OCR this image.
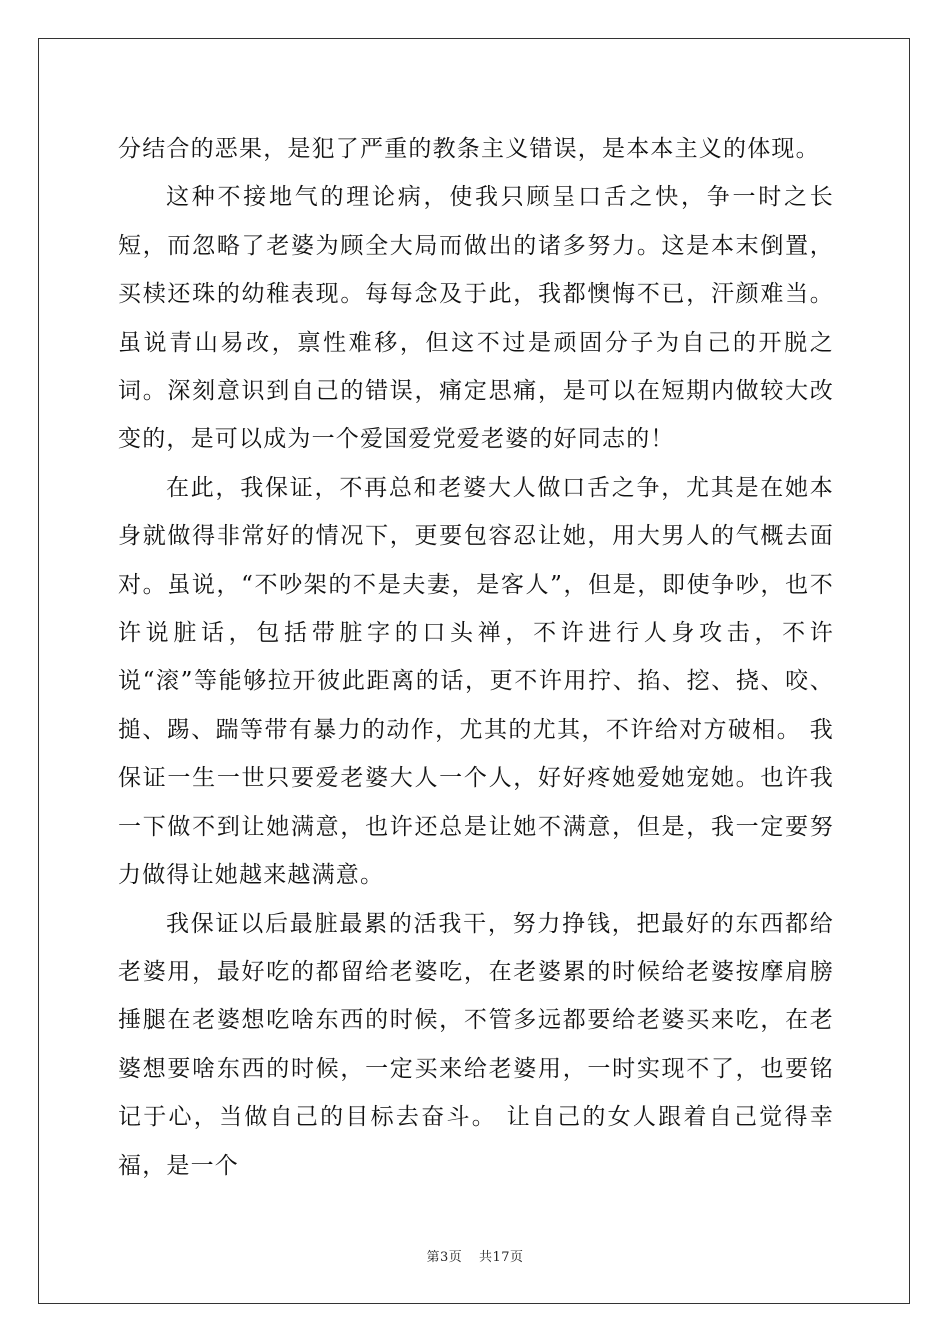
分结合的恶果，是犯了严重的教条主义错误，是本本主义的体现。

这种不接地气的理论病，使我只顾呈口舌之快，争一时之长短，而忽略了老婆为顾全大局而做出的诸多努力。这是本末倒置，买椟还珠的幼稚表现。每每念及于此，我都懊悔不已，汗颜难当。 虽说青山易改，禀性难移，但这不过是顽固分子为自己的开脱之词。深刻意识到自己的错误，痛定思痛，是可以在短期内做较大改变的，是可以成为一个爱国爱党爱老婆的好同志的！

在此，我保证，不再总和老婆大人做口舌之争，尤其是在她本身就做得非常好的情况下，更要包容忍让她，用大男人的气概去面对。虽说，“不吵架的不是夫妻，是客人”，但是，即使争吵，也不许说脏话，包括带脏字的口头禅，不许进行人身攻击，不许说“滚”等能够拉开彼此距离的话，更不许用拧、掐、挖、挠、咬、搥、踢、踹等带有暴力的动作，尤其的尤其，不许给对方破相。 我保证一生一世只要爱老婆大人一个人，好好疼她爱她宠她。也许我一下做不到让她满意，也许还总是让她不满意，但是，我一定要努力做得让她越来越满意。

我保证以后最脏最累的活我干，努力挣钱，把最好的东西都给老婆用，最好吃的都留给老婆吃，在老婆累的时候给老婆按摩肩膀捶腿在老婆想吃啥东西的时候，不管多远都要给老婆买来吃，在老婆想要啥东西的时候，一定买来给老婆用，一时实现不了，也要铭记于心，当做自己的目标去奋斗。 让自己的女人跟着自己觉得幸福，是一个

第3页 共17页
